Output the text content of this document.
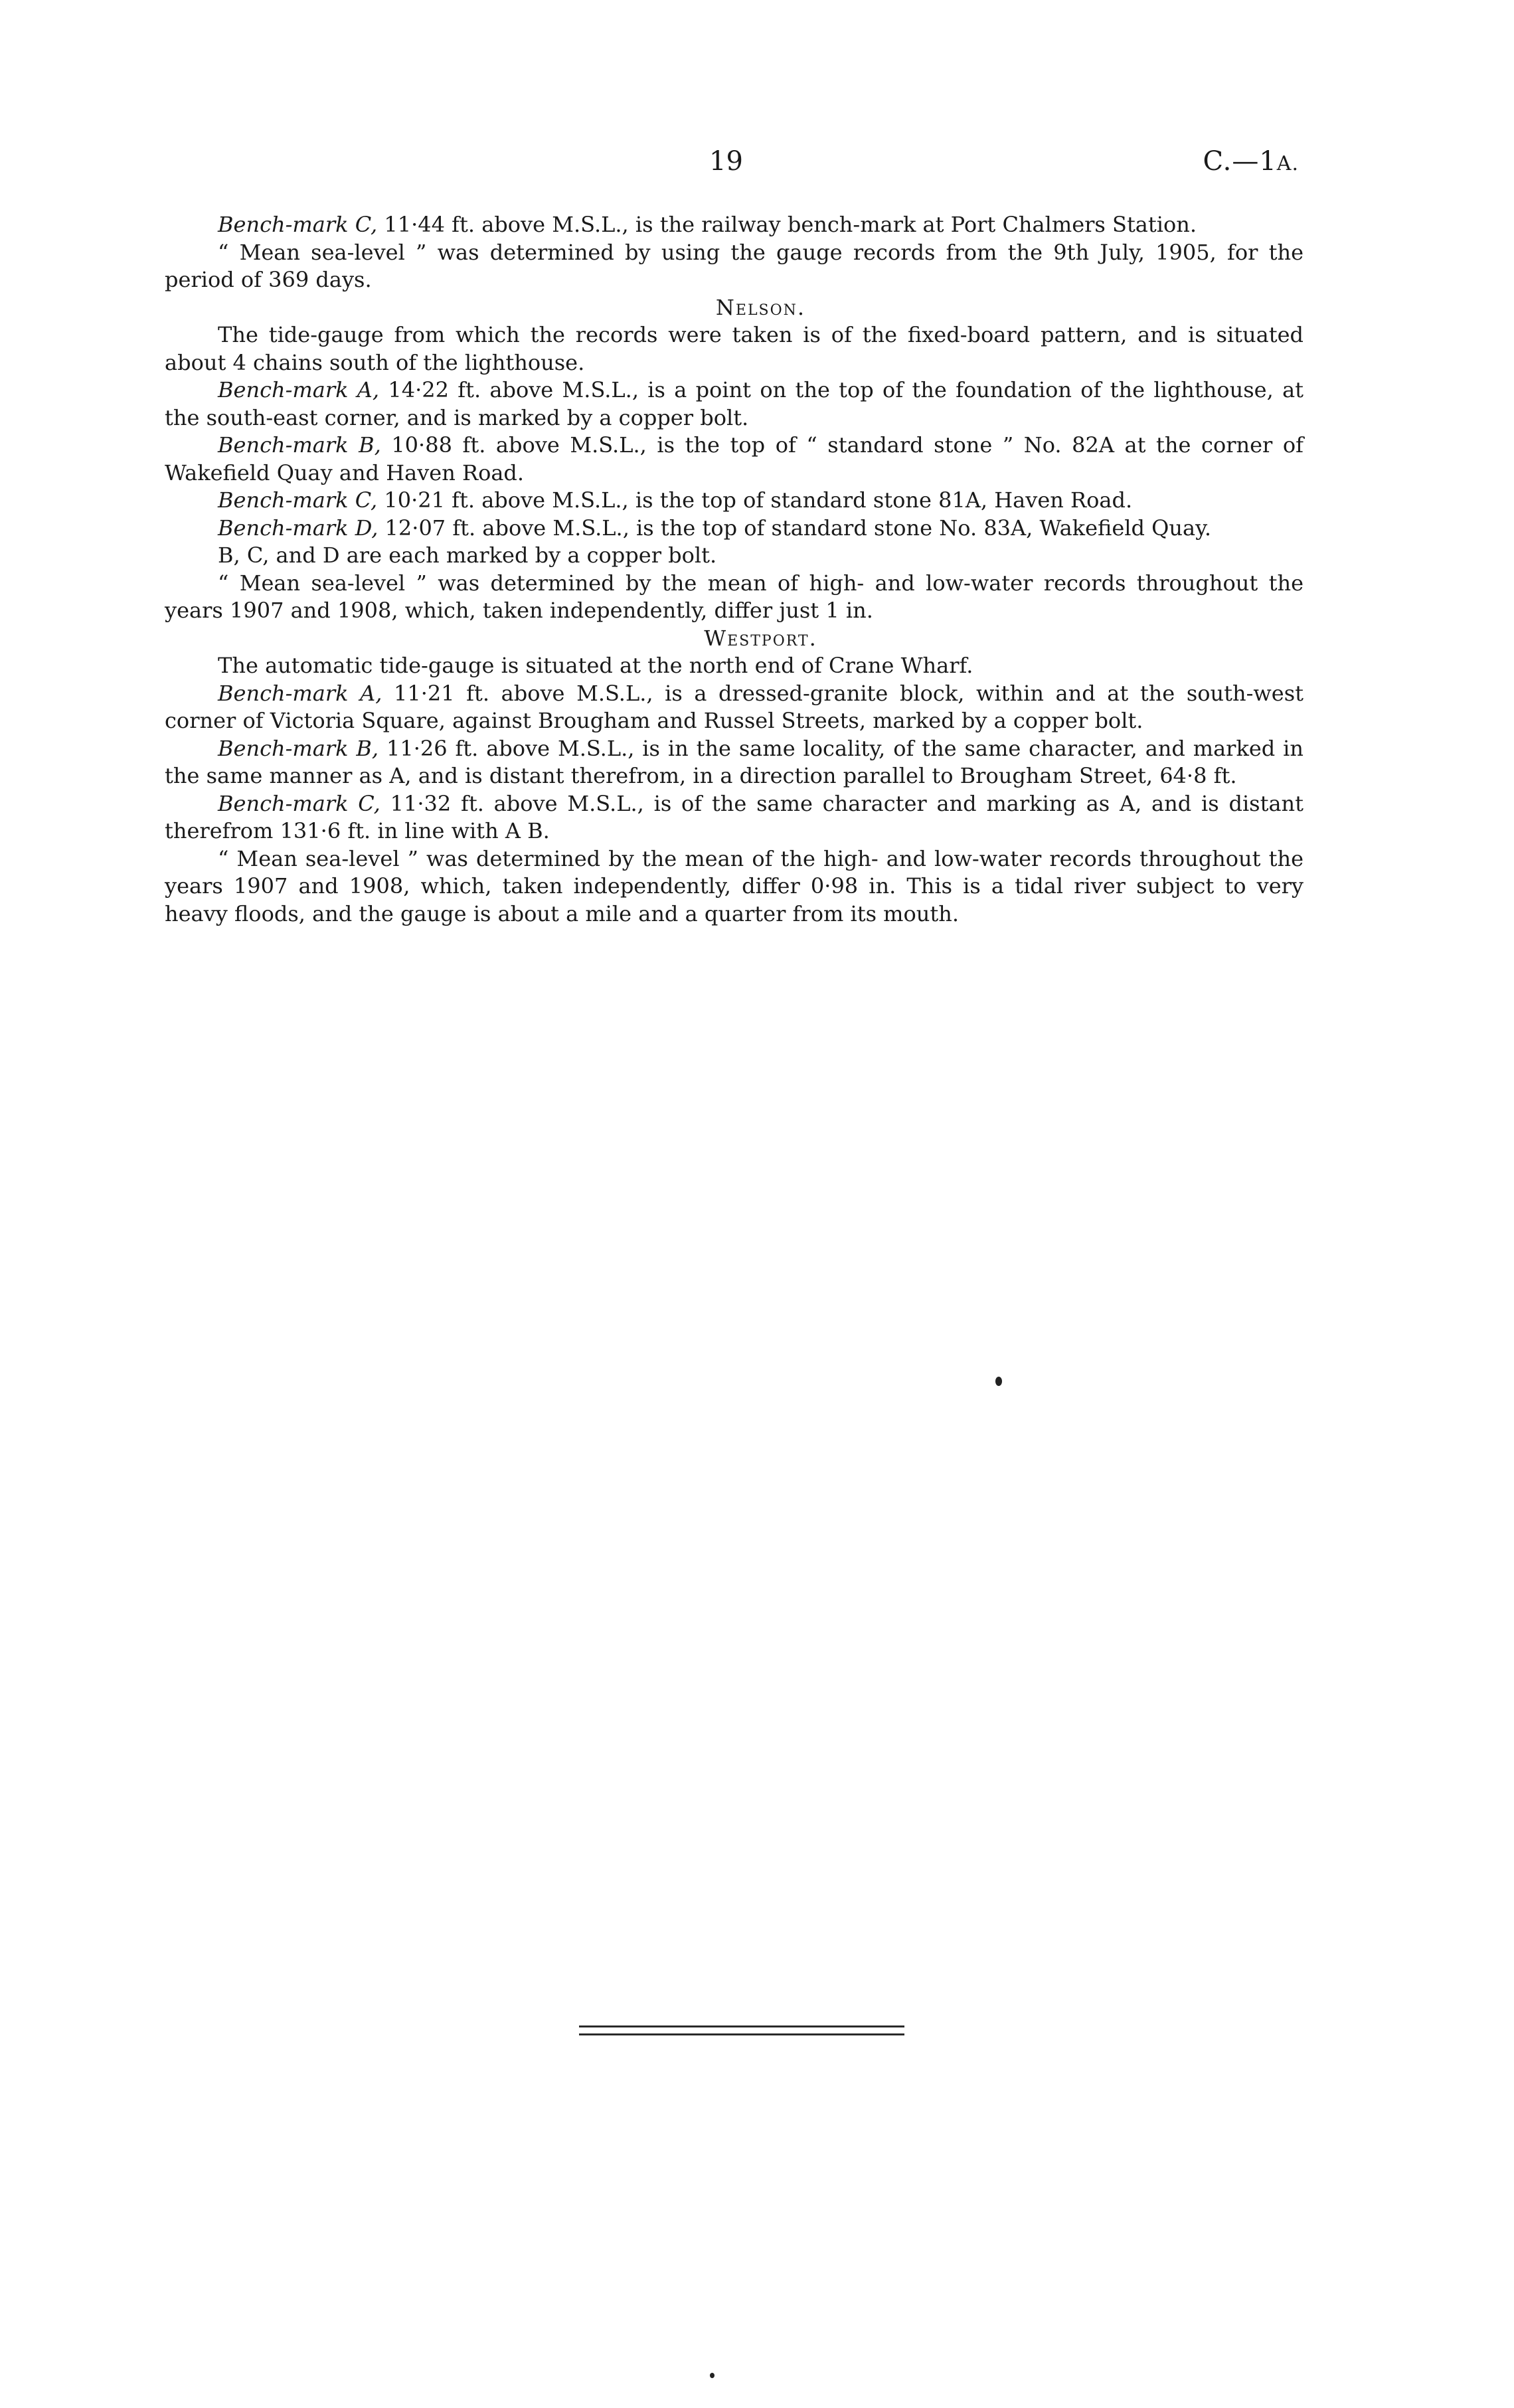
19	C.—1A.

Bench-mark C, 11·44 ft. above M.S.L., is the railway bench-mark at Port Chalmers Station.

“ Mean sea-level ” was determined by using the gauge records from the 9th July, 1905, for the period of 369 days.

Nelson.

The tide-gauge from which the records were taken is of the fixed-board pattern, and is situated about 4 chains south of the lighthouse.

Bench-mark A, 14·22 ft. above M.S.L., is a point on the top of the foundation of the lighthouse, at the south-east corner, and is marked by a copper bolt.

Bench-mark B, 10·88 ft. above M.S.L., is the top of “ standard stone ” No. 82A at the corner of Wakefield Quay and Haven Road.

Bench-mark C, 10·21 ft. above M.S.L., is the top of standard stone 81A, Haven Road.

Bench-mark D, 12·07 ft. above M.S.L., is the top of standard stone No. 83A, Wakefield Quay.

B, C, and D are each marked by a copper bolt.

“ Mean sea-level ” was determined by the mean of high- and low-water records throughout the years 1907 and 1908, which, taken independently, differ just 1 in.

Westport.

The automatic tide-gauge is situated at the north end of Crane Wharf.

Bench-mark A, 11·21 ft. above M.S.L., is a dressed-granite block, within and at the south-west corner of Victoria Square, against Brougham and Russel Streets, marked by a copper bolt.

Bench-mark B, 11·26 ft. above M.S.L., is in the same locality, of the same character, and marked in the same manner as A, and is distant therefrom, in a direction parallel to Brougham Street, 64·8 ft.

Bench-mark C, 11·32 ft. above M.S.L., is of the same character and marking as A, and is distant therefrom 131·6 ft. in line with A B.

“ Mean sea-level ” was determined by the mean of the high- and low-water records throughout the years 1907 and 1908, which, taken independently, differ 0·98 in. This is a tidal river subject to very heavy floods, and the gauge is about a mile and a quarter from its mouth.
